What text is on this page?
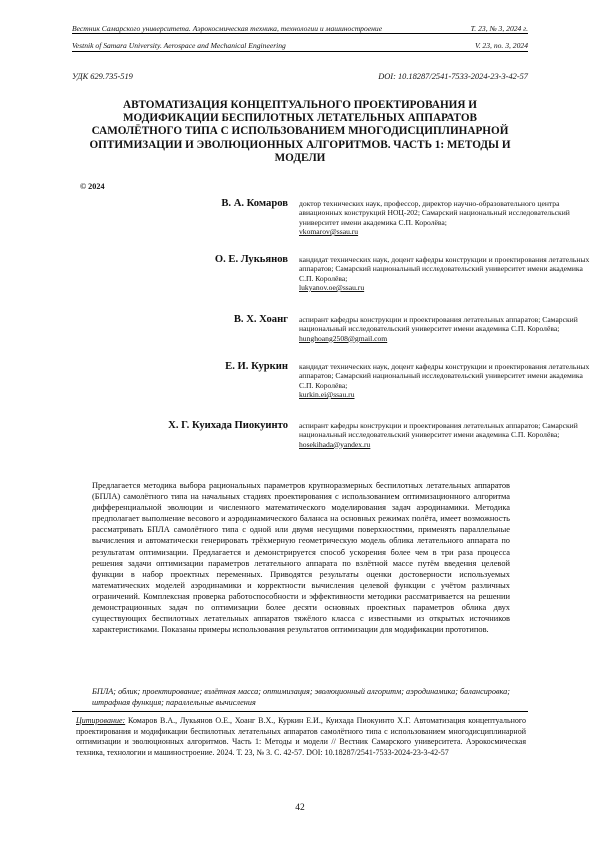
Вестник Самарского университета. Аэрокосмическая техника, технологии и машиностроение	Т. 23, № 3, 2024 г.
Vestnik of Samara University. Aerospace and Mechanical Engineering	V. 23, no. 3, 2024
УДК 629.735-519	DOI: 10.18287/2541-7533-2024-23-3-42-57
АВТОМАТИЗАЦИЯ КОНЦЕПТУАЛЬНОГО ПРОЕКТИРОВАНИЯ И МОДИФИКАЦИИ БЕСПИЛОТНЫХ ЛЕТАТЕЛЬНЫХ АППАРАТОВ САМОЛЁТНОГО ТИПА С ИСПОЛЬЗОВАНИЕМ МНОГОДИСЦИПЛИНАРНОЙ ОПТИМИЗАЦИИ И ЭВОЛЮЦИОННЫХ АЛГОРИТМОВ. ЧАСТЬ 1: МЕТОДЫ И МОДЕЛИ
© 2024
В. А. Комаров доктор технических наук, профессор, директор научно-образовательного центра авиационных конструкций НОЦ-202; Самарский национальный исследовательский университет имени академика С.П. Королёва;
vkomarov@ssau.ru
О. Е. Лукьянов кандидат технических наук, доцент кафедры конструкции и проектирования летательных аппаратов; Самарский национальный исследовательский университет имени академика С.П. Королёва;
lukyanov.oe@ssau.ru
В. Х. Хоанг аспирант кафедры конструкции и проектирования летательных аппаратов; Самарский национальный исследовательский университет имени академика С.П. Королёва;
hunghoang2508@gmail.com
Е. И. Куркин кандидат технических наук, доцент кафедры конструкции и проектирования летательных аппаратов; Самарский национальный исследовательский университет имени академика С.П. Королёва;
kurkin.ei@ssau.ru
Х. Г. Куихада Пиокуинто аспирант кафедры конструкции и проектирования летательных аппаратов; Самарский национальный исследовательский университет имени академика С.П. Королёва;
hosekihada@yandex.ru
Предлагается методика выбора рациональных параметров крупноразмерных беспилотных летательных аппаратов (БПЛА) самолётного типа на начальных стадиях проектирования с использованием оптимизационного алгоритма дифференциальной эволюции и численного математического моделирования задач аэродинамики. Методика предполагает выполнение весового и аэродинамического баланса на основных режимах полёта, имеет возможность рассматривать БПЛА самолётного типа с одной или двумя несущими поверхностями, применять параллельные вычисления и автоматически генерировать трёхмерную геометрическую модель облика летательного аппарата по результатам оптимизации. Предлагается и демонстрируется способ ускорения более чем в три раза процесса решения задачи оптимизации параметров летательного аппарата по взлётной массе путём введения целевой функции в набор проектных переменных. Приводятся результаты оценки достоверности используемых математических моделей аэродинамики и корректности вычисления целевой функции с учётом различных ограничений. Комплексная проверка работоспособности и эффективности методики рассматривается на решении демонстрационных задач по оптимизации более десяти основных проектных параметров облика двух существующих беспилотных летательных аппаратов тяжёлого класса с известными из открытых источников характеристиками. Показаны примеры использования результатов оптимизации для модификации прототипов.
БПЛА; облик; проектирование; взлётная масса; оптимизация; эволюционный алгоритм; аэродинамика; балансировка; штрафная функция; параллельные вычисления
Цитирование: Комаров В.А., Лукьянов О.Е., Хоанг В.Х., Куркин Е.И., Куихада Пиокуинто Х.Г. Автоматизация концептуального проектирования и модификации беспилотных летательных аппаратов самолётного типа с использованием многодисциплинарной оптимизации и эволюционных алгоритмов. Часть 1: Методы и модели // Вестник Самарского университета. Аэрокосмическая техника, технологии и машиностроение. 2024. Т. 23, № 3. С. 42-57. DOI: 10.18287/2541-7533-2024-23-3-42-57
42
